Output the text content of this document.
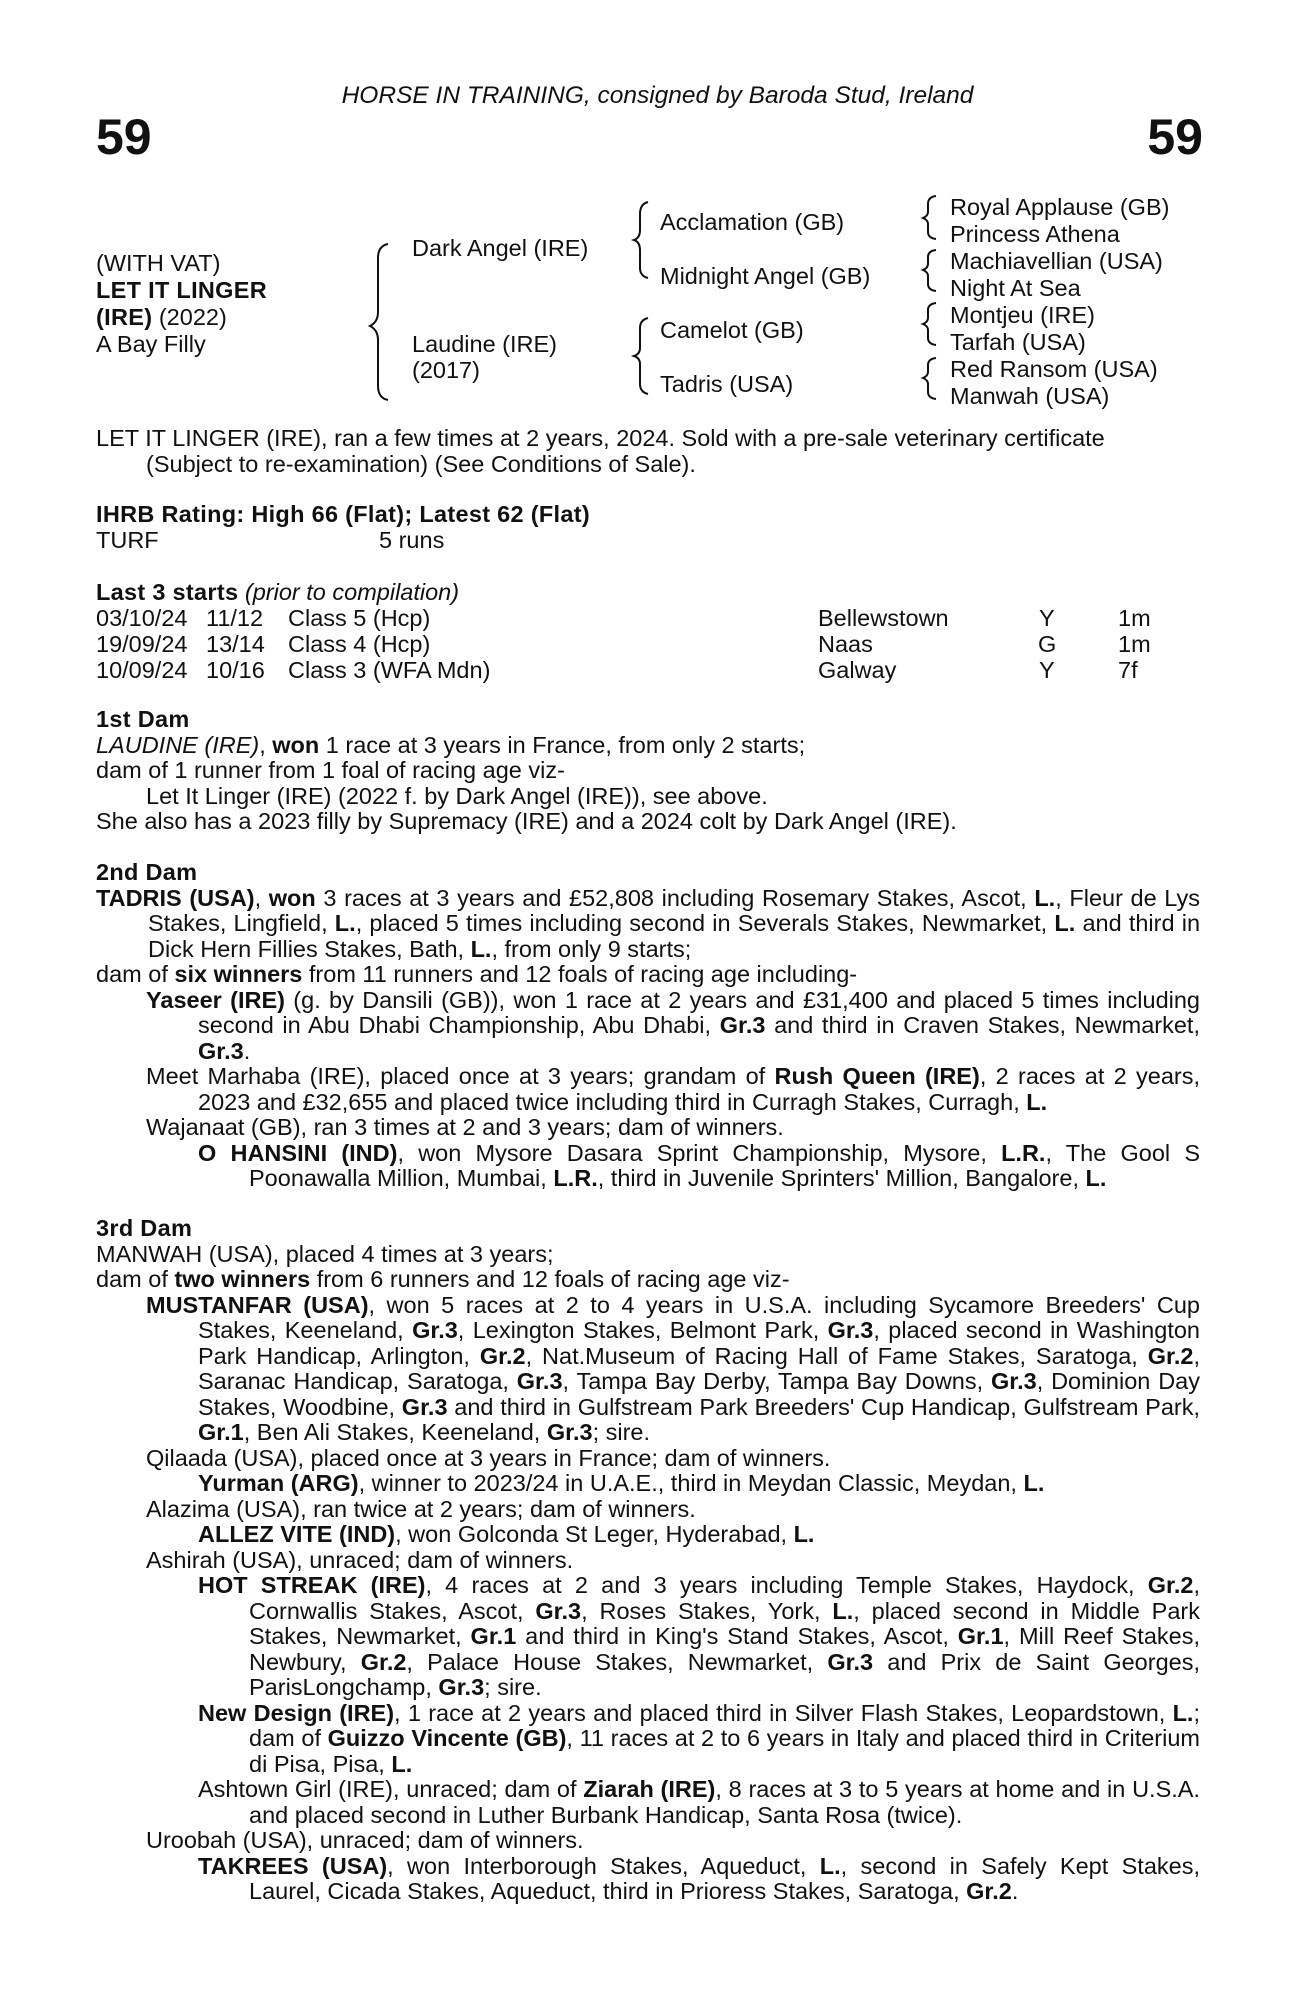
HORSE IN TRAINING, consigned by Baroda Stud, Ireland
59	59
(WITH VAT)
LET IT LINGER
(IRE) (2022)
A Bay Filly
Dark Angel (IRE)
Laudine (IRE)
(2017)
Acclamation (GB)
Midnight Angel (GB)
Camelot (GB)
Tadris (USA)
Royal Applause (GB)
Princess Athena
Machiavellian (USA)
Night At Sea
Montjeu (IRE)
Tarfah (USA)
Red Ransom (USA)
Manwah (USA)

LET IT LINGER (IRE), ran a few times at 2 years, 2024. Sold with a pre-sale veterinary certificate

(Subject to re-examination) (See Conditions of Sale).

IHRB Rating: High 66 (Flat); Latest 62 (Flat)

TURF	5 runs

Last 3 starts (prior to compilation)

03/10/24 11/12 Class 5 (Hcp)	Bellewstown	Y	1m
19/09/24 13/14 Class 4 (Hcp)	Naas	G	1m
10/09/24 10/16 Class 3 (WFA Mdn)	Galway	Y	7f

1st Dam

LAUDINE (IRE), won 1 race at 3 years in France, from only 2 starts;

dam of 1 runner from 1 foal of racing age viz-

Let It Linger (IRE) (2022 f. by Dark Angel (IRE)), see above.

She also has a 2023 filly by Supremacy (IRE) and a 2024 colt by Dark Angel (IRE).

2nd Dam

TADRIS (USA), won 3 races at 3 years and £52,808 including Rosemary Stakes, Ascot, L., Fleur de Lys Stakes, Lingfield, L., placed 5 times including second in Severals Stakes, Newmarket, L. and third in Dick Hern Fillies Stakes, Bath, L., from only 9 starts;

dam of six winners from 11 runners and 12 foals of racing age including-

Yaseer (IRE) (g. by Dansili (GB)), won 1 race at 2 years and £31,400 and placed 5 times including second in Abu Dhabi Championship, Abu Dhabi, Gr.3 and third in Craven Stakes, Newmarket, Gr.3.

Meet Marhaba (IRE), placed once at 3 years; grandam of Rush Queen (IRE), 2 races at 2 years, 2023 and £32,655 and placed twice including third in Curragh Stakes, Curragh, L.

Wajanaat (GB), ran 3 times at 2 and 3 years; dam of winners.

O HANSINI (IND), won Mysore Dasara Sprint Championship, Mysore, L.R., The Gool S Poonawalla Million, Mumbai, L.R., third in Juvenile Sprinters' Million, Bangalore, L.

3rd Dam

MANWAH (USA), placed 4 times at 3 years;

dam of two winners from 6 runners and 12 foals of racing age viz-

MUSTANFAR (USA), won 5 races at 2 to 4 years in U.S.A. including Sycamore Breeders' Cup Stakes, Keeneland, Gr.3, Lexington Stakes, Belmont Park, Gr.3, placed second in Washington Park Handicap, Arlington, Gr.2, Nat.Museum of Racing Hall of Fame Stakes, Saratoga, Gr.2, Saranac Handicap, Saratoga, Gr.3, Tampa Bay Derby, Tampa Bay Downs, Gr.3, Dominion Day Stakes, Woodbine, Gr.3 and third in Gulfstream Park Breeders' Cup Handicap, Gulfstream Park, Gr.1, Ben Ali Stakes, Keeneland, Gr.3; sire.

Qilaada (USA), placed once at 3 years in France; dam of winners.

Yurman (ARG), winner to 2023/24 in U.A.E., third in Meydan Classic, Meydan, L.

Alazima (USA), ran twice at 2 years; dam of winners.

ALLEZ VITE (IND), won Golconda St Leger, Hyderabad, L.

Ashirah (USA), unraced; dam of winners.

HOT STREAK (IRE), 4 races at 2 and 3 years including Temple Stakes, Haydock, Gr.2, Cornwallis Stakes, Ascot, Gr.3, Roses Stakes, York, L., placed second in Middle Park Stakes, Newmarket, Gr.1 and third in King's Stand Stakes, Ascot, Gr.1, Mill Reef Stakes, Newbury, Gr.2, Palace House Stakes, Newmarket, Gr.3 and Prix de Saint Georges, ParisLongchamp, Gr.3; sire.

New Design (IRE), 1 race at 2 years and placed third in Silver Flash Stakes, Leopardstown, L.; dam of Guizzo Vincente (GB), 11 races at 2 to 6 years in Italy and placed third in Criterium di Pisa, Pisa, L.

Ashtown Girl (IRE), unraced; dam of Ziarah (IRE), 8 races at 3 to 5 years at home and in U.S.A. and placed second in Luther Burbank Handicap, Santa Rosa (twice).

Uroobah (USA), unraced; dam of winners.

TAKREES (USA), won Interborough Stakes, Aqueduct, L., second in Safely Kept Stakes, Laurel, Cicada Stakes, Aqueduct, third in Prioress Stakes, Saratoga, Gr.2.
